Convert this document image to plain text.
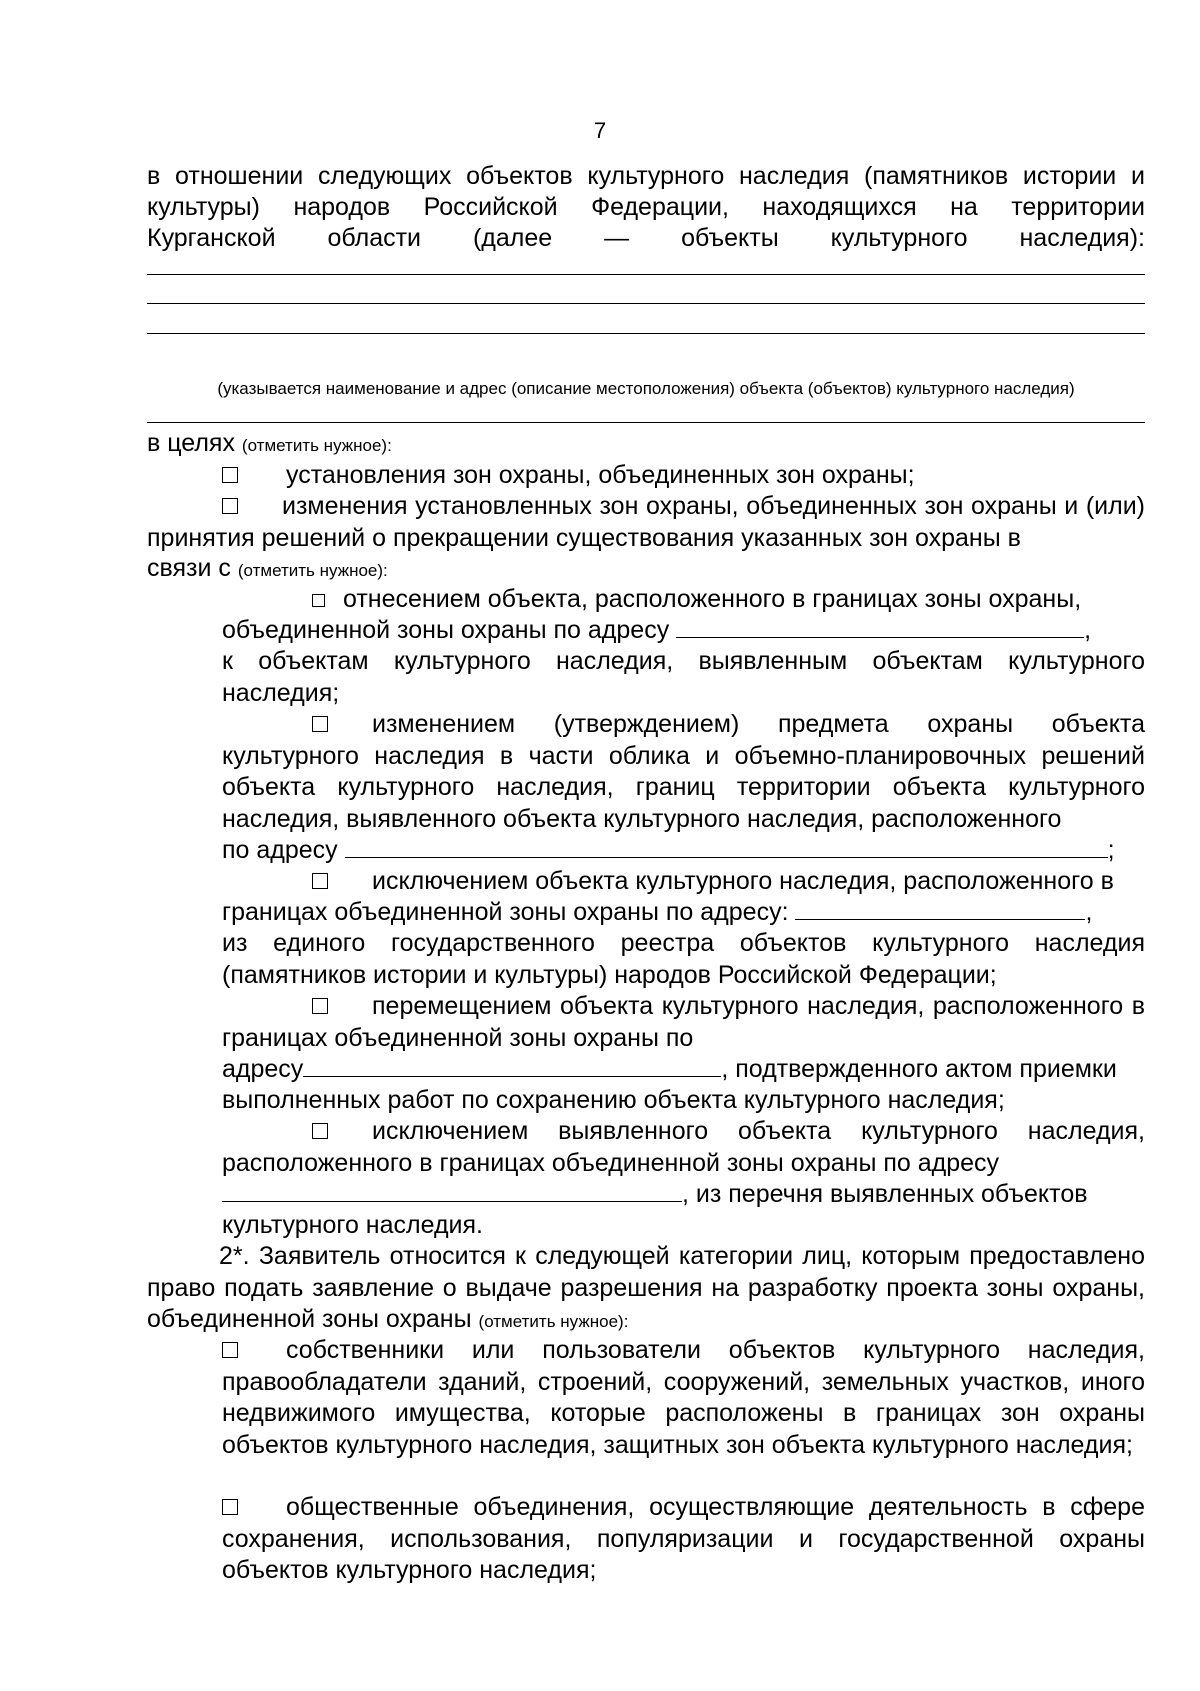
7
в отношении следующих объектов культурного наследия (памятников истории и
культуры) народов Российской Федерации, находящихся на территории
Курганской области (далее — объекты культурного наследия):
(указывается наименование и адрес (описание местоположения) объекта (объектов) культурного наследия)
в целях (отметить нужное):
установления зон охраны, объединенных зон охраны;
изменения установленных зон охраны, объединенных зон охраны и (или) принятия решений о прекращении существования указанных зон охраны в
связи с (отметить нужное):
отнесением объекта, расположенного в границах зоны охраны,
объединенной зоны охраны по адресу	,
к объектам культурного наследия, выявленным объектам культурного наследия;
изменением (утверждением) предмета охраны объекта культурного наследия в части облика и объемно-планировочных решений объекта культурного наследия, границ территории объекта культурного наследия, выявленного объекта культурного наследия, расположенного
по адресу	;
исключением объекта культурного наследия, расположенного в
границах объединенной зоны охраны по адресу:	,
из единого государственного реестра объектов культурного наследия (памятников истории и культуры) народов Российской Федерации;
перемещением объекта культурного наследия, расположенного в границах объединенной зоны охраны по
адресу	, подтвержденного актом приемки
выполненных работ по сохранению объекта культурного наследия;
исключением выявленного объекта культурного наследия, расположенного в границах объединенной зоны охраны по адресу
, из перечня выявленных объектов
культурного наследия.
2*. Заявитель относится к следующей категории лиц, которым предоставлено право подать заявление о выдаче разрешения на разработку проекта зоны охраны, объединенной зоны охраны (отметить нужное):
собственники или пользователи объектов культурного наследия, правообладатели зданий, строений, сооружений, земельных участков, иного недвижимого имущества, которые расположены в границах зон охраны объектов культурного наследия, защитных зон объекта культурного наследия;
общественные объединения, осуществляющие деятельность в сфере сохранения, использования, популяризации и государственной охраны объектов культурного наследия;
